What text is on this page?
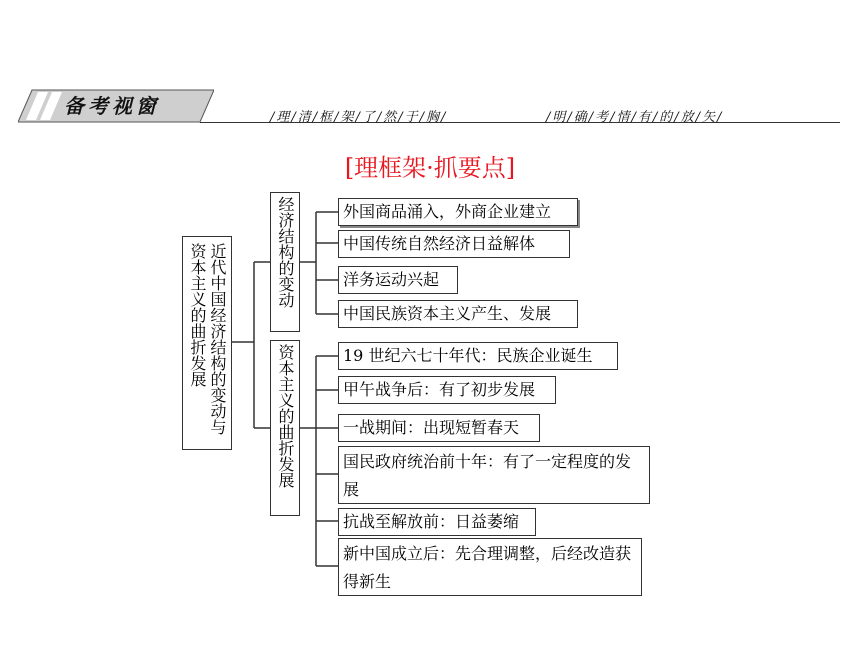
备考视窗	/理/清/框/架/了/然/于/胸/	/明/确/考/情/有/的/放/矢/
[理框架·抓要点]
近代中国经济结构的变动与资本主义的曲折发展	经济结构的变动
资本主义的曲折发展
外国商品涌入，外商企业建立
中国传统自然经济日益解体
洋务运动兴起
中国民族资本主义产生、发展
19 世纪六七十年代：民族企业诞生
甲午战争后：有了初步发展
一战期间：出现短暂春天
国民政府统治前十年：有了一定程度的发展
抗战至解放前：日益萎缩
新中国成立后：先合理调整，后经改造获得新生
